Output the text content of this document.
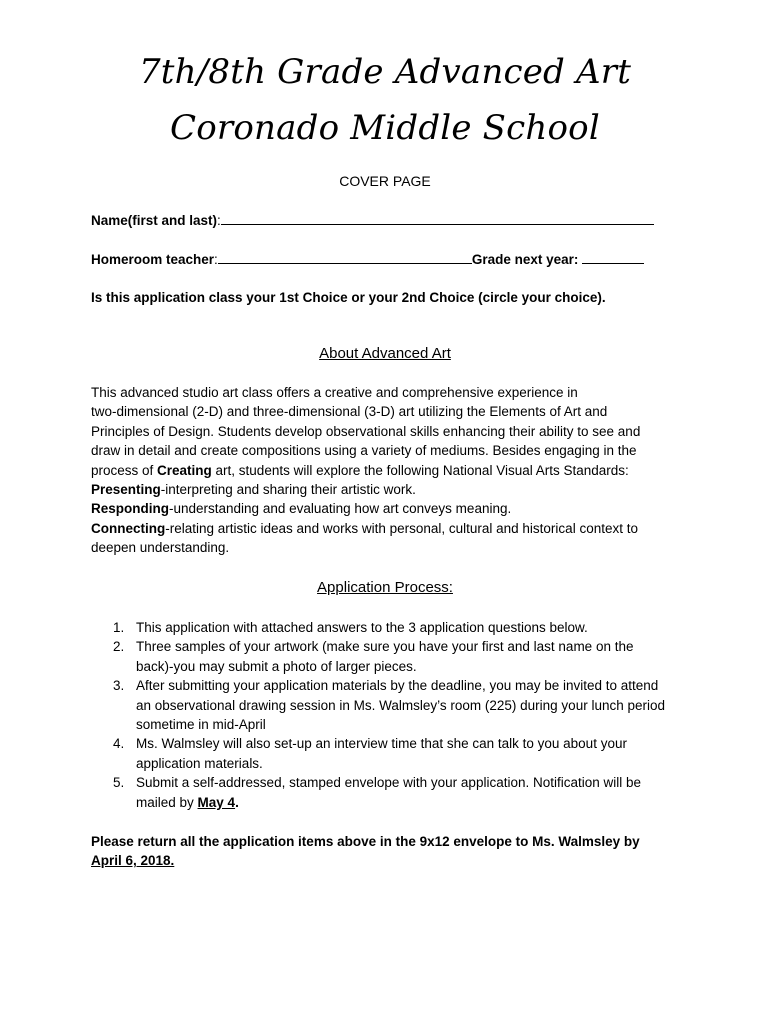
7th/8th Grade Advanced Art
Coronado Middle School
COVER PAGE
Name(first and last):
Homeroom teacher:	Grade next year:
Is this application class your 1st Choice or your 2nd Choice (circle your choice).
About Advanced Art
This advanced studio art class offers a creative and comprehensive experience in
two-dimensional (2-D) and three-dimensional (3-D) art utilizing the Elements of Art and
Principles of Design. Students develop observational skills enhancing their ability to see and
draw in detail and create compositions using a variety of mediums. Besides engaging in the
process of Creating art, students will explore the following National Visual Arts Standards:
Presenting-interpreting and sharing their artistic work.
Responding-understanding and evaluating how art conveys meaning.
Connecting-relating artistic ideas and works with personal, cultural and historical context to
deepen understanding.
Application Process:
1. This application with attached answers to the 3 application questions below.
2. Three samples of your artwork (make sure you have your first and last name on the
back)-you may submit a photo of larger pieces.
3. After submitting your application materials by the deadline, you may be invited to attend
an observational drawing session in Ms. Walmsley’s room (225) during your lunch period
sometime in mid-April
4. Ms. Walmsley will also set-up an interview time that she can talk to you about your
application materials.
5. Submit a self-addressed, stamped envelope with your application. Notification will be
mailed by May 4.
Please return all the application items above in the 9x12 envelope to Ms. Walmsley by
April 6, 2018.
